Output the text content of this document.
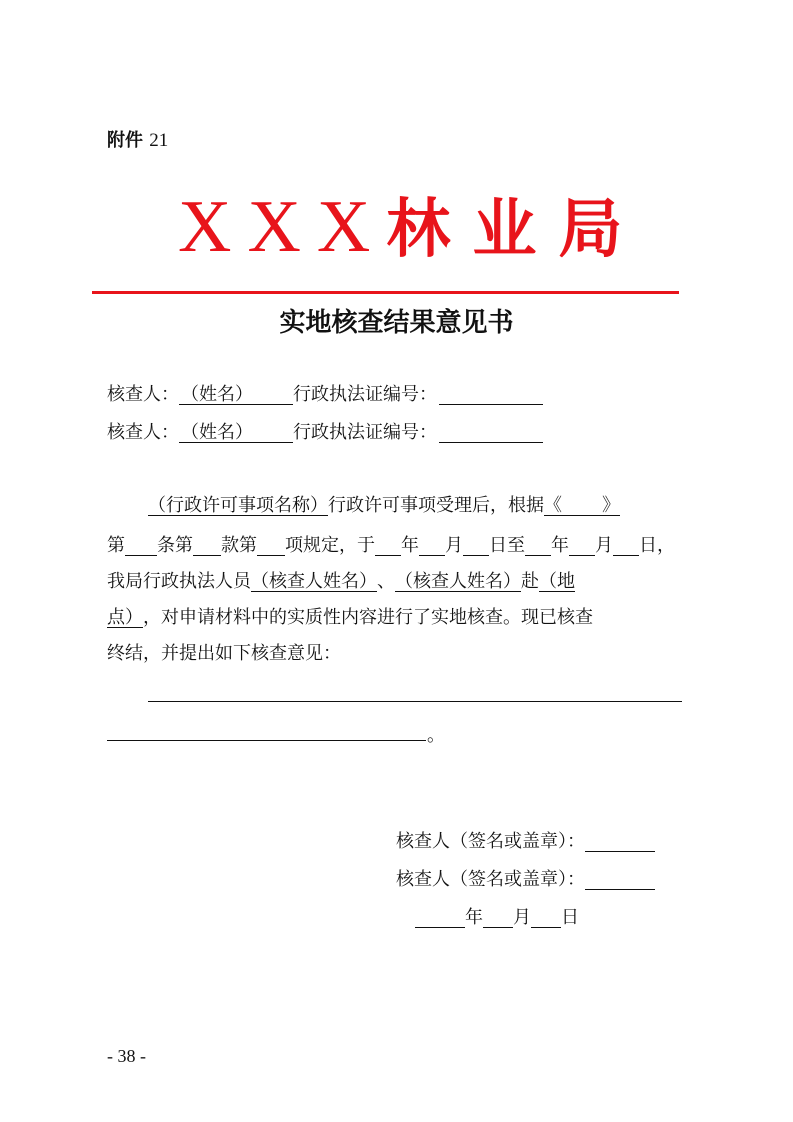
附件 21
XXX林业局
实地核查结果意见书
核查人： （姓名） 行政执法证编号：
核查人： （姓名） 行政执法证编号：
（行政许可事项名称）行政许可事项受理后，根据《 》
第 条第 款第 项规定，于 年 月 日至 年 月 日，
我局行政执法人员（核查人姓名）、（核查人姓名）赴（地
点），对申请材料中的实质性内容进行了实地核查。现已核查
终结，并提出如下核查意见：
。
核查人（签名或盖章）：
核查人（签名或盖章）：
年 月 日
- 38 -
